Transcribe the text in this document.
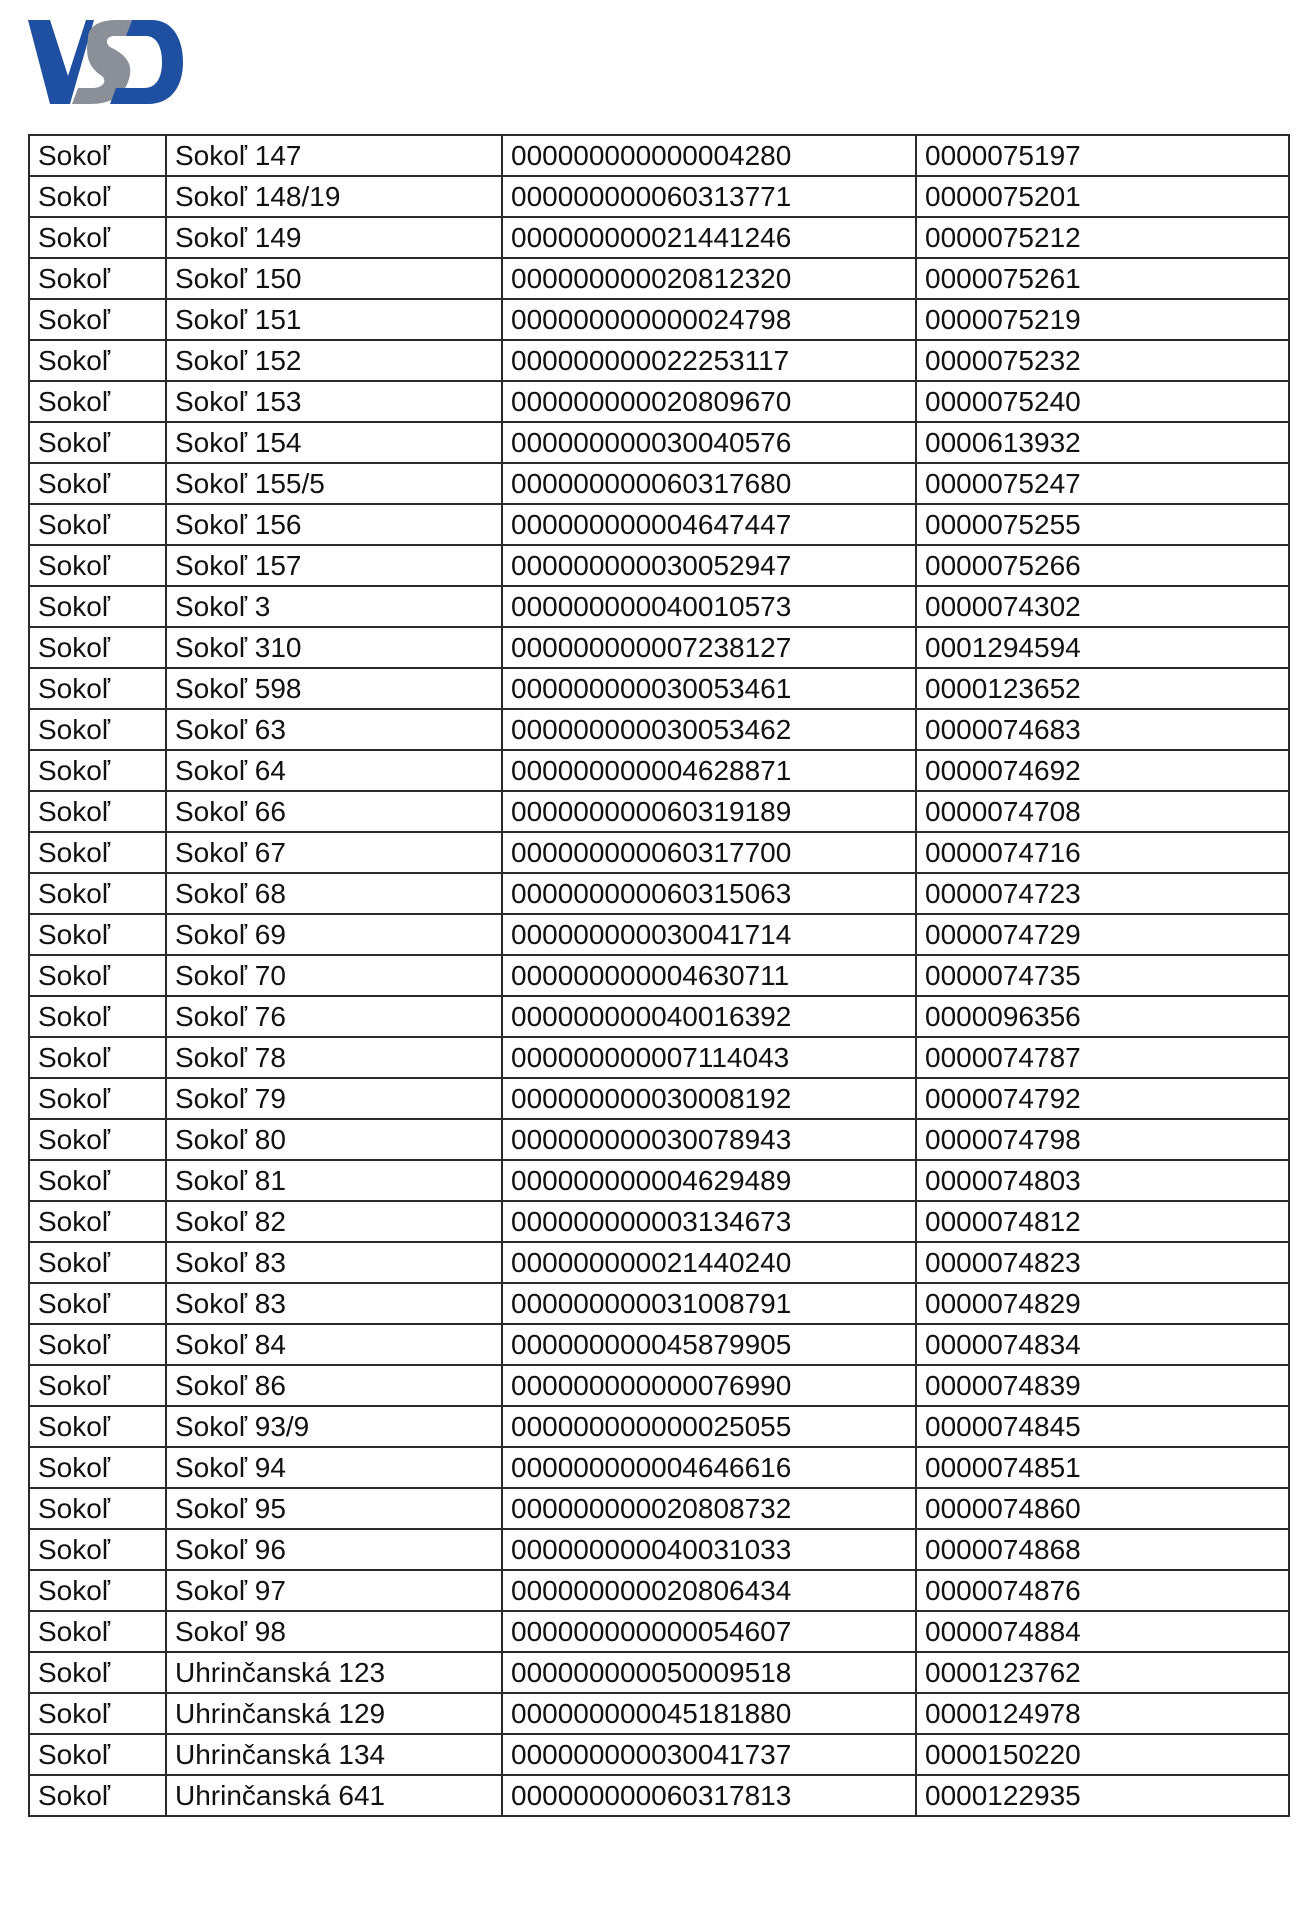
Sokoľ	Sokoľ 147	000000000000004280	0000075197
Sokoľ	Sokoľ 148/19	000000000060313771	0000075201
Sokoľ	Sokoľ 149	000000000021441246	0000075212
Sokoľ	Sokoľ 150	000000000020812320	0000075261
Sokoľ	Sokoľ 151	000000000000024798	0000075219
Sokoľ	Sokoľ 152	000000000022253117	0000075232
Sokoľ	Sokoľ 153	000000000020809670	0000075240
Sokoľ	Sokoľ 154	000000000030040576	0000613932
Sokoľ	Sokoľ 155/5	000000000060317680	0000075247
Sokoľ	Sokoľ 156	000000000004647447	0000075255
Sokoľ	Sokoľ 157	000000000030052947	0000075266
Sokoľ	Sokoľ 3	000000000040010573	0000074302
Sokoľ	Sokoľ 310	000000000007238127	0001294594
Sokoľ	Sokoľ 598	000000000030053461	0000123652
Sokoľ	Sokoľ 63	000000000030053462	0000074683
Sokoľ	Sokoľ 64	000000000004628871	0000074692
Sokoľ	Sokoľ 66	000000000060319189	0000074708
Sokoľ	Sokoľ 67	000000000060317700	0000074716
Sokoľ	Sokoľ 68	000000000060315063	0000074723
Sokoľ	Sokoľ 69	000000000030041714	0000074729
Sokoľ	Sokoľ 70	000000000004630711	0000074735
Sokoľ	Sokoľ 76	000000000040016392	0000096356
Sokoľ	Sokoľ 78	000000000007114043	0000074787
Sokoľ	Sokoľ 79	000000000030008192	0000074792
Sokoľ	Sokoľ 80	000000000030078943	0000074798
Sokoľ	Sokoľ 81	000000000004629489	0000074803
Sokoľ	Sokoľ 82	000000000003134673	0000074812
Sokoľ	Sokoľ 83	000000000021440240	0000074823
Sokoľ	Sokoľ 83	000000000031008791	0000074829
Sokoľ	Sokoľ 84	000000000045879905	0000074834
Sokoľ	Sokoľ 86	000000000000076990	0000074839
Sokoľ	Sokoľ 93/9	000000000000025055	0000074845
Sokoľ	Sokoľ 94	000000000004646616	0000074851
Sokoľ	Sokoľ 95	000000000020808732	0000074860
Sokoľ	Sokoľ 96	000000000040031033	0000074868
Sokoľ	Sokoľ 97	000000000020806434	0000074876
Sokoľ	Sokoľ 98	000000000000054607	0000074884
Sokoľ	Uhrinčanská 123	000000000050009518	0000123762
Sokoľ	Uhrinčanská 129	000000000045181880	0000124978
Sokoľ	Uhrinčanská 134	000000000030041737	0000150220
Sokoľ	Uhrinčanská 641	000000000060317813	0000122935
